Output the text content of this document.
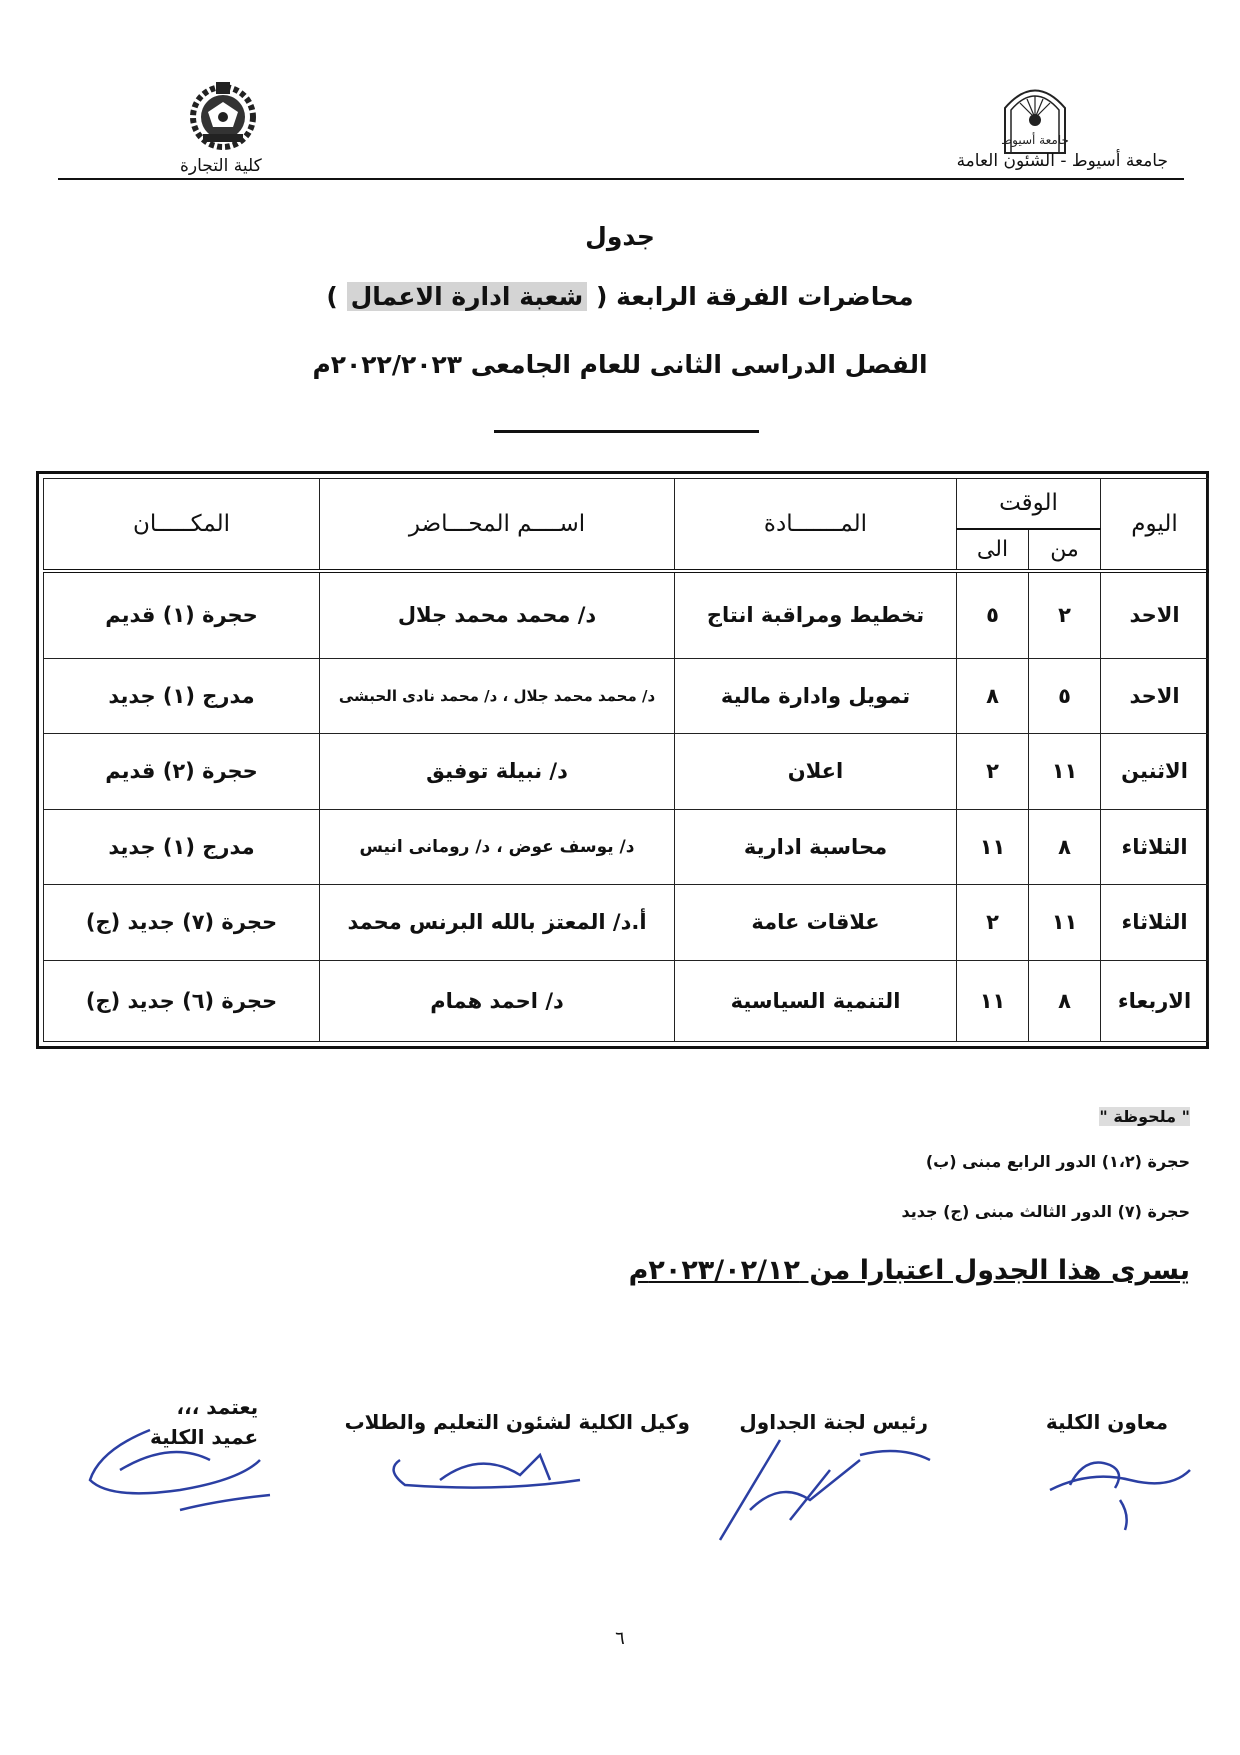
جامعة أسيوط
جامعة أسيوط - الشئون العامة
كلية التجارة
جدول
محاضرات الفرقة الرابعة ( شعبة ادارة الاعمال )
الفصل الدراسى الثانى للعام الجامعى ٢٠٢٢/٢٠٢٣م
اليوم	الوقت		المـــــــادة	اســــم المحـــاضر	المكـــــان
	من	الى			
الاحد	٢	٥	تخطيط ومراقبة انتاج	د/ محمد محمد جلال	حجرة (١) قديم
الاحد	٥	٨	تمويل وادارة مالية	د/ محمد محمد جلال ، د/ محمد نادى الحبشى	مدرج (١) جديد
الاثنين	١١	٢	اعلان	د/ نبيلة توفيق	حجرة (٢) قديم
الثلاثاء	٨	١١	محاسبة ادارية	د/ يوسف عوض ، د/ رومانى انيس	مدرج (١) جديد
الثلاثاء	١١	٢	علاقات عامة	أ.د/ المعتز بالله البرنس محمد	حجرة (٧) جديد (ج)
الاربعاء	٨	١١	التنمية السياسية	د/ احمد همام	حجرة (٦) جديد (ج)
" ملحوظة "
حجرة (١،٢) الدور الرابع مبنى (ب)
حجرة (٧) الدور الثالث مبنى (ج) جديد
يسرى هذا الجدول اعتبارا من ٢٠٢٣/٠٢/١٢م
معاون الكلية
رئيس لجنة الجداول
وكيل الكلية لشئون التعليم والطلاب
يعتمد ،،،
عميد الكلية
٦
